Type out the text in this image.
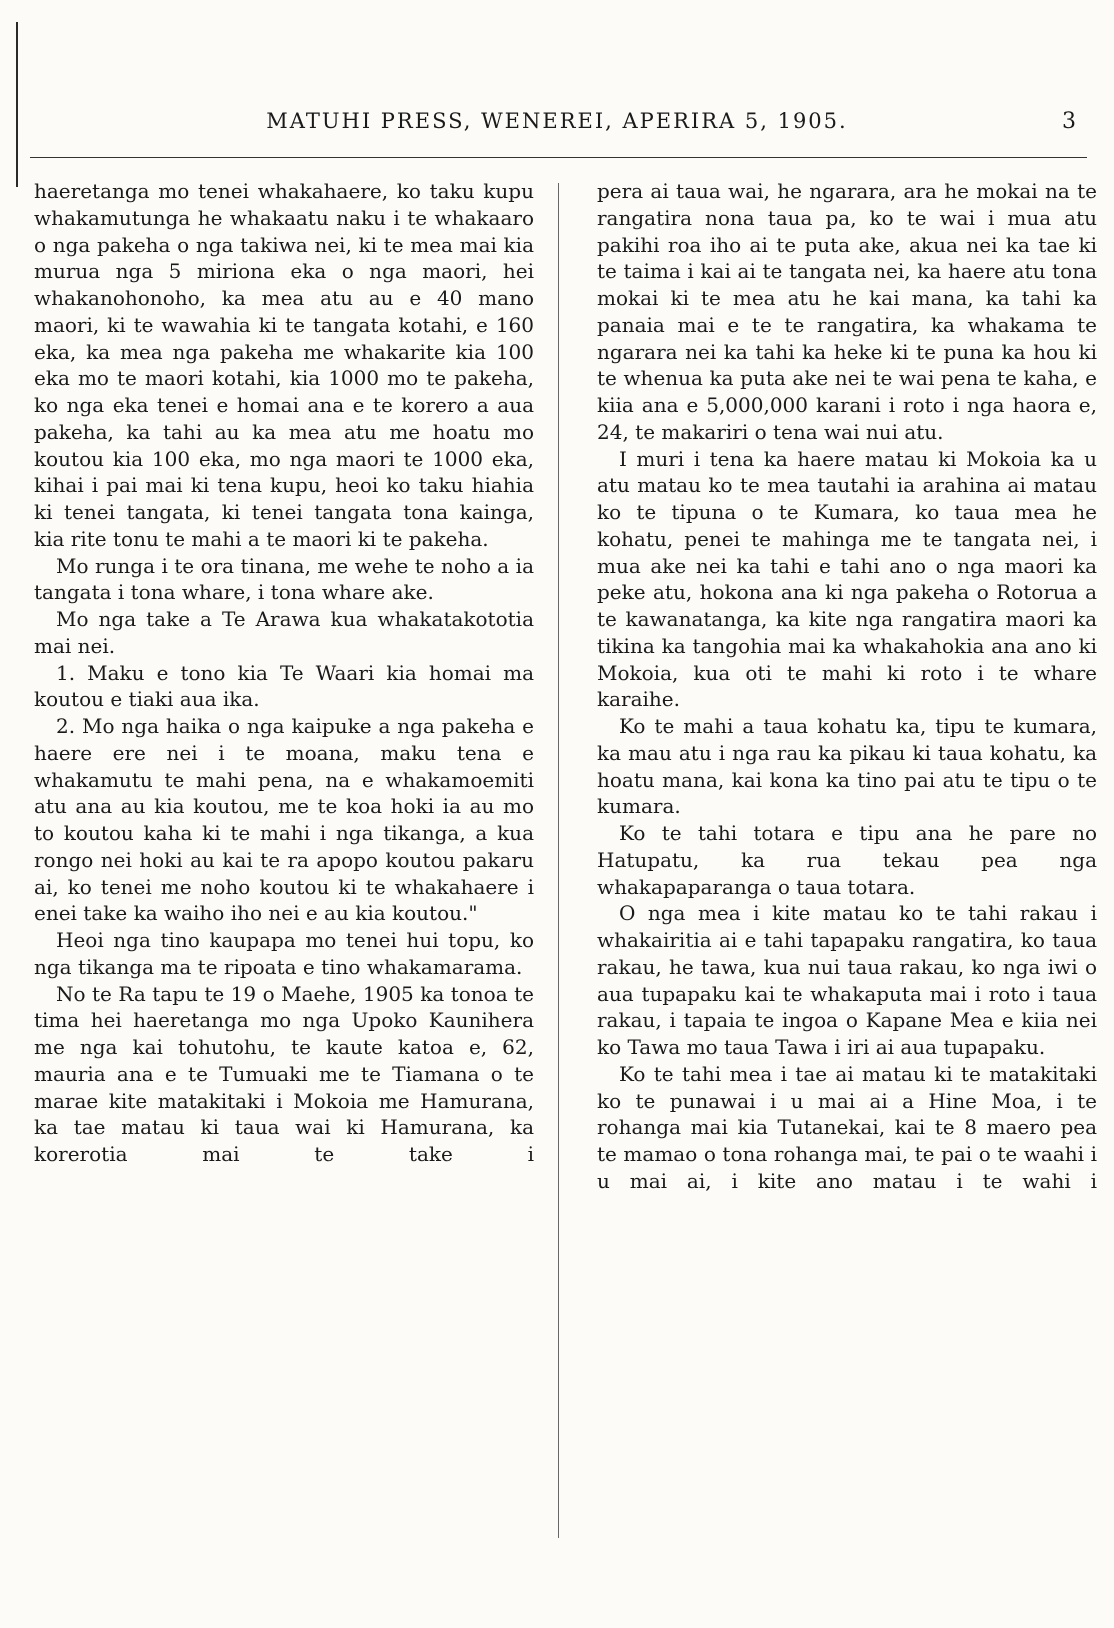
MATUHI PRESS, WENEREI, APERIRA 5, 1905.	3

haeretanga mo tenei whakahaere, ko taku kupu whakamutunga he whakaatu naku i te whakaaro o nga pakeha o nga takiwa nei, ki te mea mai kia murua nga 5 miriona eka o nga maori, hei whakanohonoho, ka mea atu au e 40 mano maori, ki te wawahia ki te tangata kotahi, e 160 eka, ka mea nga pakeha me whakarite kia 100 eka mo te maori kotahi, kia 1000 mo te pakeha, ko nga eka tenei e homai ana e te korero a aua pakeha, ka tahi au ka mea atu me hoatu mo koutou kia 100 eka, mo nga maori te 1000 eka, kihai i pai mai ki tena kupu, heoi ko taku hiahia ki tenei tangata, ki tenei tangata tona kainga, kia rite tonu te mahi a te maori ki te pakeha.

Mo runga i te ora tinana, me wehe te noho a ia tangata i tona whare, i tona whare ake.

Mo nga take a Te Arawa kua whakatakototia mai nei.

1. Maku e tono kia Te Waari kia homai ma koutou e tiaki aua ika.

2. Mo nga haika o nga kaipuke a nga pakeha e haere ere nei i te moana, maku tena e whakamutu te mahi pena, na e whakamoemiti atu ana au kia koutou, me te koa hoki ia au mo to koutou kaha ki te mahi i nga tikanga, a kua rongo nei hoki au kai te ra apopo koutou pakaru ai, ko tenei me noho koutou ki te whakahaere i enei take ka waiho iho nei e au kia koutou."

Heoi nga tino kaupapa mo tenei hui topu, ko nga tikanga ma te ripoata e tino whakamarama.

No te Ra tapu te 19 o Maehe, 1905 ka tonoa te tima hei haeretanga mo nga Upoko Kaunihera me nga kai tohutohu, te kaute katoa e, 62, mauria ana e te Tumuaki me te Tiamana o te marae kite matakitaki i Mokoia me Hamurana, ka tae matau ki taua wai ki Hamurana, ka korerotia mai te take i

pera ai taua wai, he ngarara, ara he mokai na te rangatira nona taua pa, ko te wai i mua atu pakihi roa iho ai te puta ake, akua nei ka tae ki te taima i kai ai te tangata nei, ka haere atu tona mokai ki te mea atu he kai mana, ka tahi ka panaia mai e te te rangatira, ka whakama te ngarara nei ka tahi ka heke ki te puna ka hou ki te whenua ka puta ake nei te wai pena te kaha, e kiia ana e 5,000,000 karani i roto i nga haora e, 24, te makariri o tena wai nui atu.

I muri i tena ka haere matau ki Mokoia ka u atu matau ko te mea tautahi ia arahina ai matau ko te tipuna o te Kumara, ko taua mea he kohatu, penei te mahinga me te tangata nei, i mua ake nei ka tahi e tahi ano o nga maori ka peke atu, hokona ana ki nga pakeha o Rotorua a te kawanatanga, ka kite nga rangatira maori ka tikina ka tangohia mai ka whakahokia ana ano ki Mokoia, kua oti te mahi ki roto i te whare karaihe.

Ko te mahi a taua kohatu ka, tipu te kumara, ka mau atu i nga rau ka pikau ki taua kohatu, ka hoatu mana, kai kona ka tino pai atu te tipu o te kumara.

Ko te tahi totara e tipu ana he pare no Hatupatu, ka rua tekau pea nga whakapaparanga o taua totara.

O nga mea i kite matau ko te tahi rakau i whakairitia ai e tahi tapapaku rangatira, ko taua rakau, he tawa, kua nui taua rakau, ko nga iwi o aua tupapaku kai te whakaputa mai i roto i taua rakau, i tapaia te ingoa o Kapane Mea e kiia nei ko Tawa mo taua Tawa i iri ai aua tupapaku.

Ko te tahi mea i tae ai matau ki te matakitaki ko te punawai i u mai ai a Hine Moa, i te rohanga mai kia Tutanekai, kai te 8 maero pea te mamao o tona rohanga mai, te pai o te waahi i u mai ai, i kite ano matau i te wahi i
